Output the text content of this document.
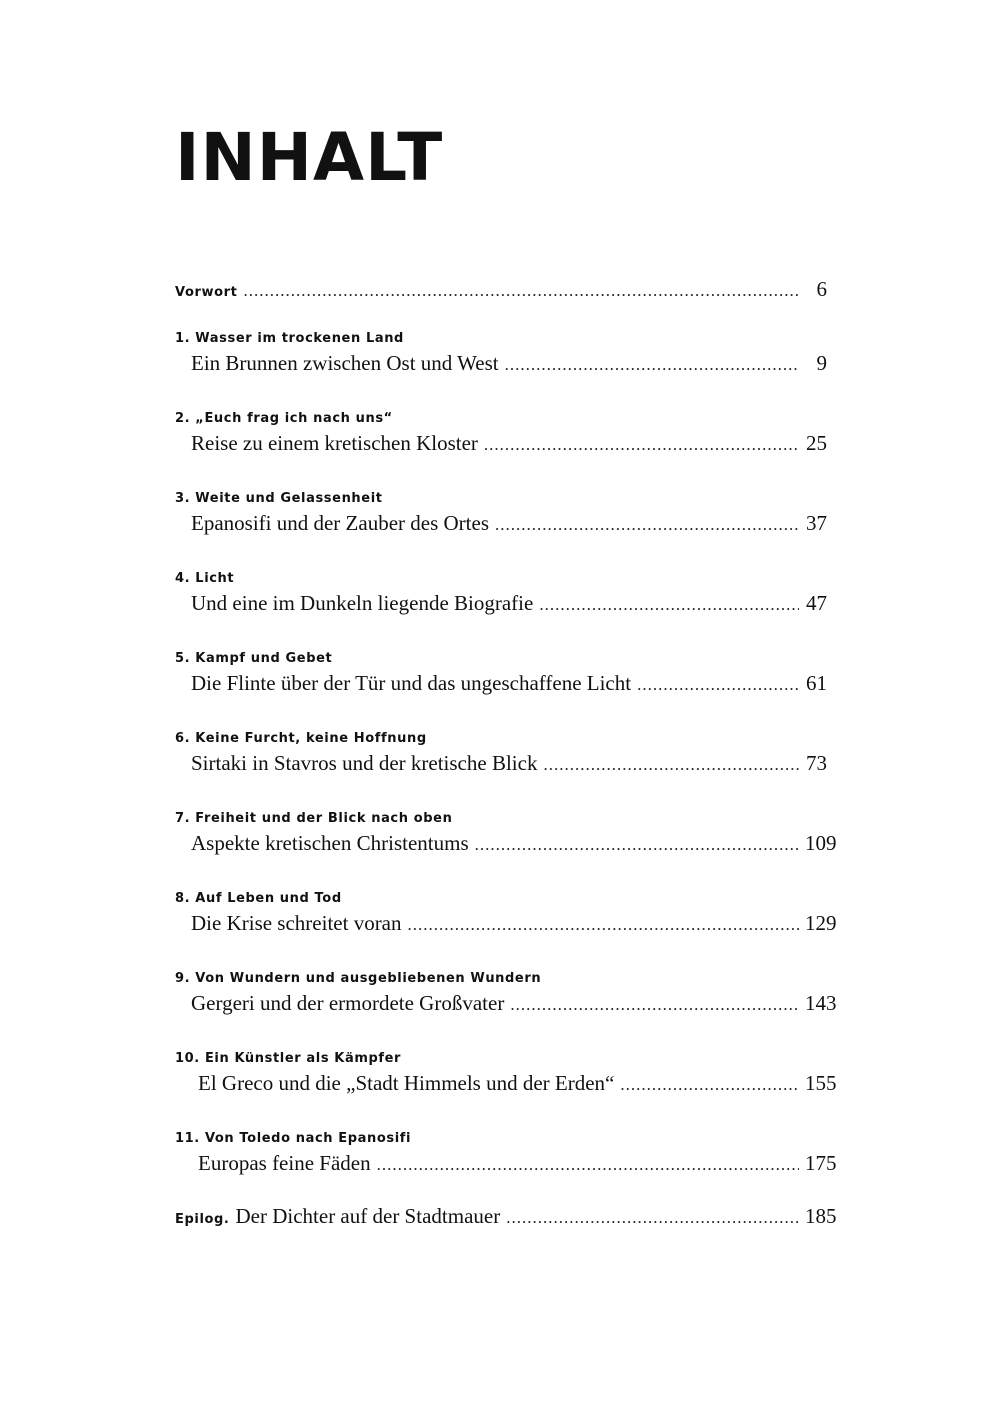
INHALT
Vorwort .....	6
1. Wasser im trockenen Land
Ein Brunnen zwischen Ost und West .....	9
2. „Euch frag ich nach uns“
Reise zu einem kretischen Kloster .....	25
3. Weite und Gelassenheit
Epanosifi und der Zauber des Ortes .....	37
4. Licht
Und eine im Dunkeln liegende Biografie .....	47
5. Kampf und Gebet
Die Flinte über der Tür und das ungeschaffene Licht .....	61
6. Keine Furcht, keine Hoffnung
Sirtaki in Stavros und der kretische Blick .....	73
7. Freiheit und der Blick nach oben
Aspekte kretischen Christentums .....	109
8. Auf Leben und Tod
Die Krise schreitet voran .....	129
9. Von Wundern und ausgebliebenen Wundern
Gergeri und der ermordete Großvater .....	143
10. Ein Künstler als Kämpfer
El Greco und die „Stadt Himmels und der Erden“ .....	155
11. Von Toledo nach Epanosifi
Europas feine Fäden .....	175
Epilog. Der Dichter auf der Stadtmauer .....	185
